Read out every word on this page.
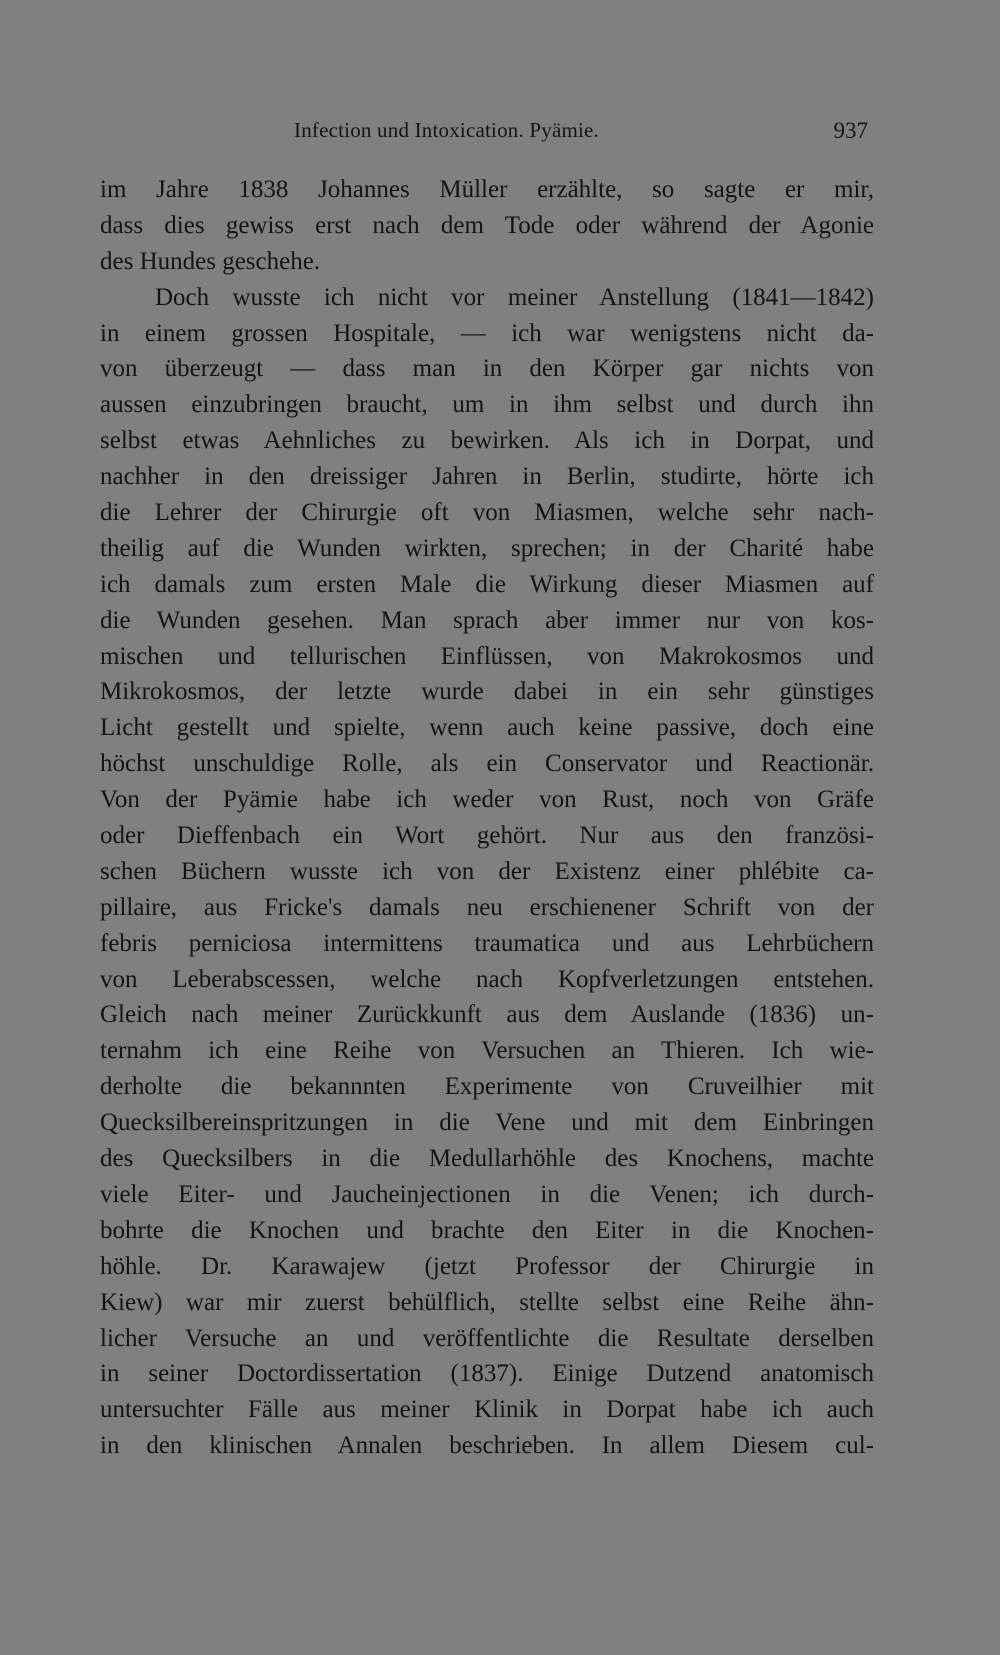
Infection und Intoxication. Pyämie.	937
im Jahre 1838 Johannes Müller erzählte, so sagte er mir,
dass dies gewiss erst nach dem Tode oder während der Agonie
des Hundes geschehe.
Doch wusste ich nicht vor meiner Anstellung (1841—1842)
in einem grossen Hospitale, — ich war wenigstens nicht da-
von überzeugt — dass man in den Körper gar nichts von
aussen einzubringen braucht, um in ihm selbst und durch ihn
selbst etwas Aehnliches zu bewirken. Als ich in Dorpat, und
nachher in den dreissiger Jahren in Berlin, studirte, hörte ich
die Lehrer der Chirurgie oft von Miasmen, welche sehr nach-
theilig auf die Wunden wirkten, sprechen; in der Charité habe
ich damals zum ersten Male die Wirkung dieser Miasmen auf
die Wunden gesehen. Man sprach aber immer nur von kos-
mischen und tellurischen Einflüssen, von Makrokosmos und
Mikrokosmos, der letzte wurde dabei in ein sehr günstiges
Licht gestellt und spielte, wenn auch keine passive, doch eine
höchst unschuldige Rolle, als ein Conservator und Reactionär.
Von der Pyämie habe ich weder von Rust, noch von Gräfe
oder Dieffenbach ein Wort gehört. Nur aus den französi-
schen Büchern wusste ich von der Existenz einer phlébite ca-
pillaire, aus Fricke's damals neu erschienener Schrift von der
febris perniciosa intermittens traumatica und aus Lehrbüchern
von Leberabscessen, welche nach Kopfverletzungen entstehen.
Gleich nach meiner Zurückkunft aus dem Auslande (1836) un-
ternahm ich eine Reihe von Versuchen an Thieren. Ich wie-
derholte die bekannnten Experimente von Cruveilhier mit
Quecksilbereinspritzungen in die Vene und mit dem Einbringen
des Quecksilbers in die Medullarhöhle des Knochens, machte
viele Eiter- und Jaucheinjectionen in die Venen; ich durch-
bohrte die Knochen und brachte den Eiter in die Knochen-
höhle. Dr. Karawajew (jetzt Professor der Chirurgie in
Kiew) war mir zuerst behülflich, stellte selbst eine Reihe ähn-
licher Versuche an und veröffentlichte die Resultate derselben
in seiner Doctordissertation (1837). Einige Dutzend anatomisch
untersuchter Fälle aus meiner Klinik in Dorpat habe ich auch
in den klinischen Annalen beschrieben. In allem Diesem cul-
